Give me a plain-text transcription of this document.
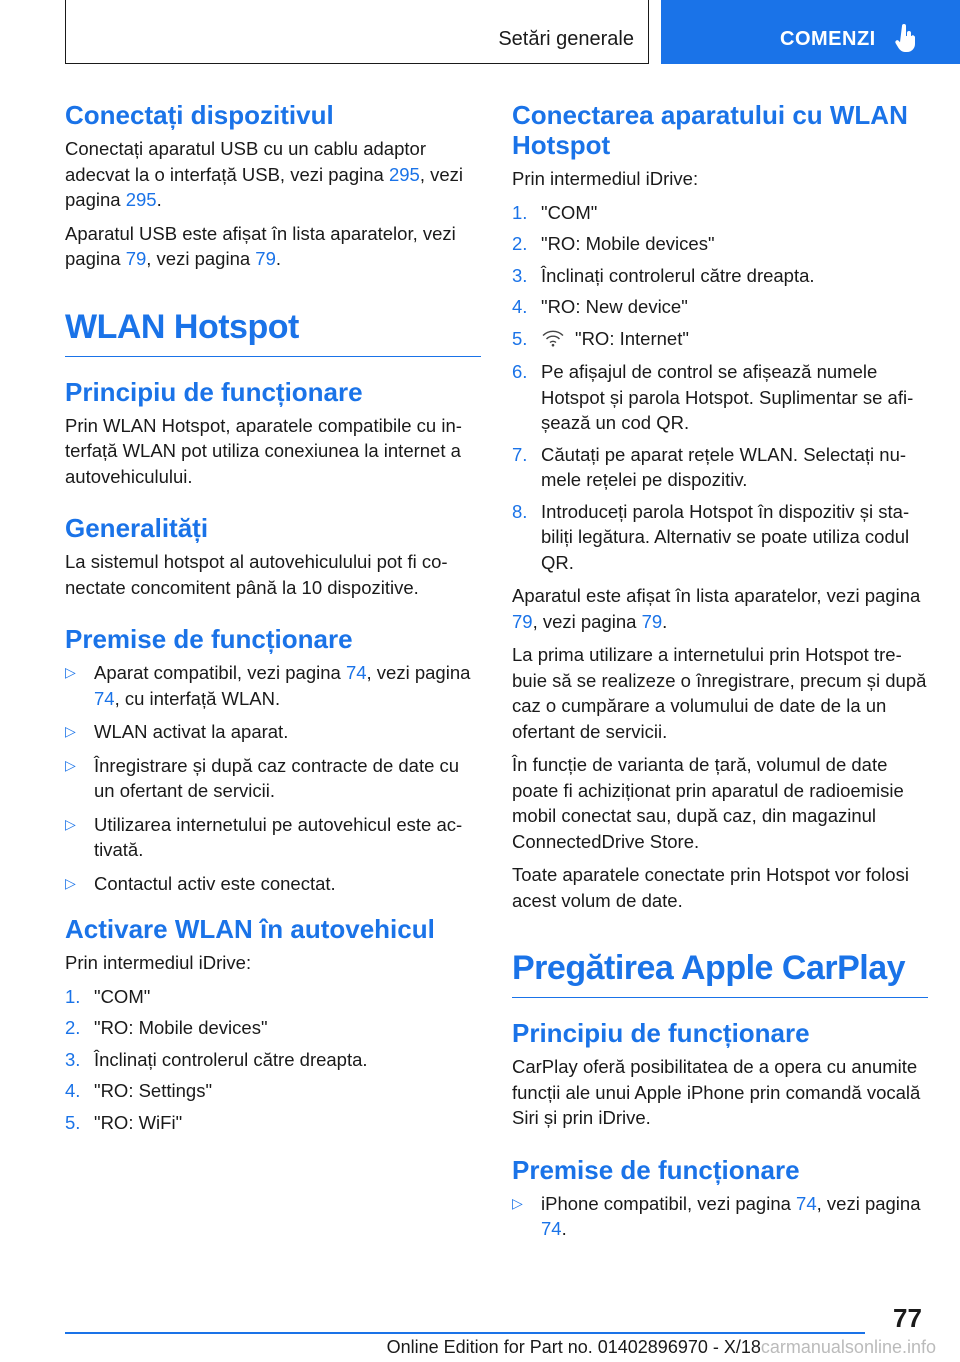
Setări generale	COMENZI
Conectați dispozitivul

Conectați aparatul USB cu un cablu adaptor adecvat la o interfață USB, vezi pagina 295, vezi pagina 295.

Aparatul USB este afișat în lista aparatelor, vezi pagina 79, vezi pagina 79.

WLAN Hotspot
Principiu de funcționare

Prin WLAN Hotspot, aparatele compatibile cu interfață WLAN pot utiliza conexiunea la internet a autovehiculului.

Generalități

La sistemul hotspot al autovehiculului pot fi conectate concomitent până la 10 dispozitive.

Premise de funcționare
▷ Aparat compatibil, vezi pagina 74, vezi pagina 74, cu interfață WLAN.
▷ WLAN activat la aparat.
▷ Înregistrare și după caz contracte de date cu un ofertant de servicii.
▷ Utilizarea internetului pe autovehicul este activată.
▷ Contactul activ este conectat.
Activare WLAN în autovehicul

Prin intermediul iDrive:

1. "COM"
2. "RO: Mobile devices"
3. Înclinați controlerul către dreapta.
4. "RO: Settings"
5. "RO: WiFi"
Conectarea aparatului cu WLAN Hotspot

Prin intermediul iDrive:

1. "COM"
2. "RO: Mobile devices"
3. Înclinați controlerul către dreapta.
4. "RO: New device"
5.	"RO: Internet"
6. Pe afișajul de control se afișează numele Hotspot și parola Hotspot. Suplimentar se afișează un cod QR.
7. Căutați pe aparat rețele WLAN. Selectați numele rețelei pe dispozitiv.
8. Introduceți parola Hotspot în dispozitiv și stabiliți legătura. Alternativ se poate utiliza codul QR.

Aparatul este afișat în lista aparatelor, vezi pagina 79, vezi pagina 79.

La prima utilizare a internetului prin Hotspot trebuie să se realizeze o înregistrare, precum și după caz o cumpărare a volumului de date de la un ofertant de servicii.

În funcție de varianta de țară, volumul de date poate fi achiziționat prin aparatul de radioemisie mobil conectat sau, după caz, din magazinul ConnectedDrive Store.

Toate aparatele conectate prin Hotspot vor folosi acest volum de date.

Pregătirea Apple CarPlay
Principiu de funcționare

CarPlay oferă posibilitatea de a opera cu anumite funcții ale unui Apple iPhone prin comandă vocală Siri și prin iDrive.

Premise de funcționare
▷ iPhone compatibil, vezi pagina 74, vezi pagina 74.
77
Online Edition for Part no. 01402896970 - X/18carmanualsonline.info
